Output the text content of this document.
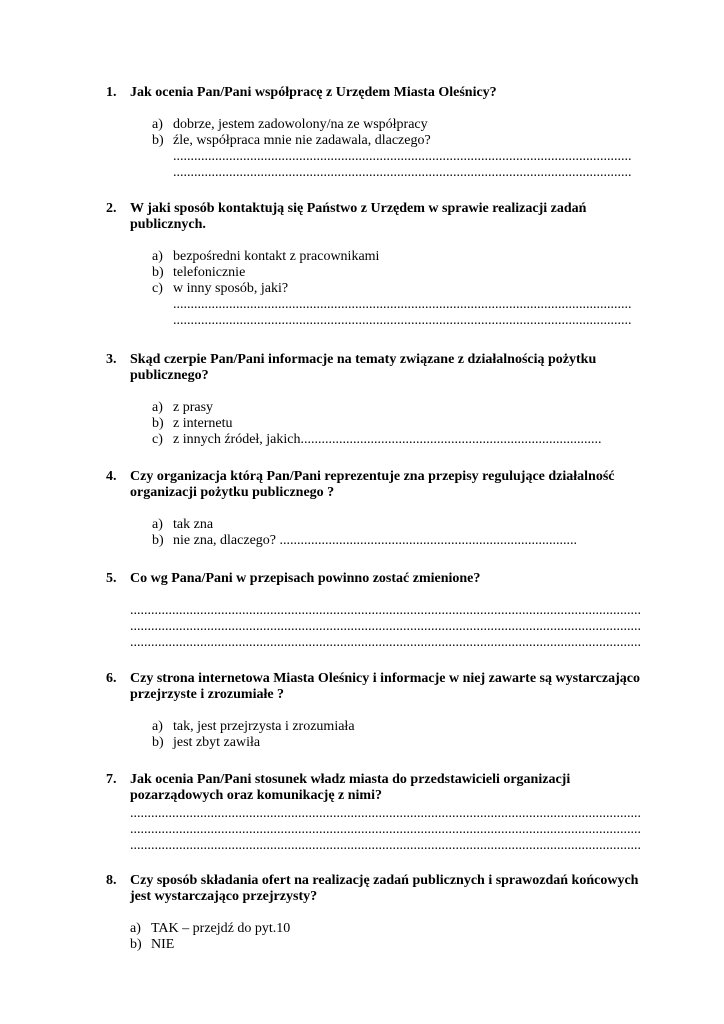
1. Jak ocenia Pan/Pani współpracę z Urzędem Miasta Oleśnicy?
a) dobrze, jestem zadowolony/na ze współpracy
b) źle, współpraca mnie nie zadawala, dlaczego?
...................................................................................................................................
...................................................................................................................................
2. W jaki sposób kontaktują się Państwo z Urzędem w sprawie realizacji zadań publicznych.
a) bezpośredni kontakt z pracownikami
b) telefonicznie
c) w inny sposób, jaki?
...................................................................................................................................
...................................................................................................................................
3. Skąd czerpie Pan/Pani informacje na tematy związane z działalnością pożytku publicznego?
a) z prasy
b) z internetu
c) z innych źródeł, jakich......................................................................................
4. Czy organizacja którą Pan/Pani reprezentuje zna przepisy regulujące działalność organizacji pożytku publicznego ?
a) tak zna
b) nie zna, dlaczego? .....................................................................................
5. Co wg Pana/Pani w przepisach powinno zostać zmienione?
..................................................................................................................................................
..................................................................................................................................................
..................................................................................................................................................
6. Czy strona internetowa Miasta Oleśnicy i informacje w niej zawarte są wystarczająco przejrzyste i zrozumiałe ?
a) tak, jest przejrzysta i zrozumiała
b) jest zbyt zawiła
7. Jak ocenia Pan/Pani stosunek władz miasta do przedstawicieli organizacji pozarządowych oraz komunikację z nimi?
..................................................................................................................................................
..................................................................................................................................................
..................................................................................................................................................
8. Czy sposób składania ofert na realizację zadań publicznych i sprawozdań końcowych jest wystarczająco przejrzysty?
a) TAK – przejdź do pyt.10
b) NIE
